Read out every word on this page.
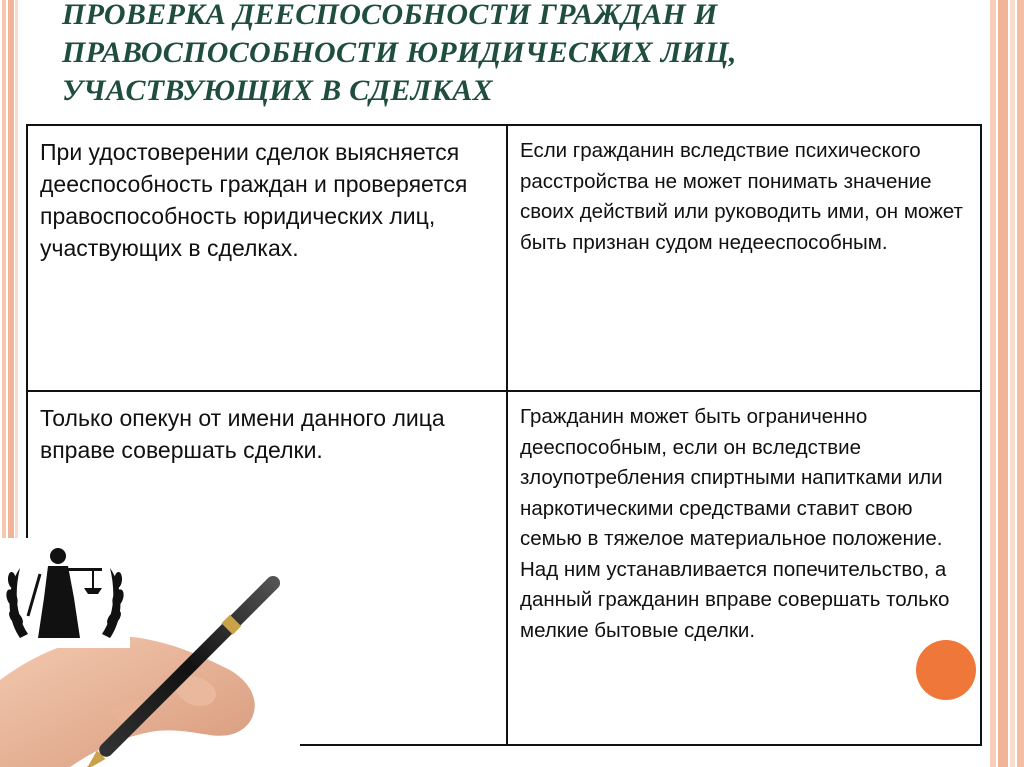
ПРОВЕРКА ДЕЕСПОСОБНОСТИ ГРАЖДАН И ПРАВОСПОСОБНОСТИ ЮРИДИЧЕСКИХ ЛИЦ, УЧАСТВУЮЩИХ В СДЕЛКАХ
При удостоверении сделок выясняется дееспособность граждан и проверяется правоспособность юридических лиц, участвующих в сделках.	Если гражданин вследствие психического расстройства не может понимать значение своих действий или руководить ими, он может быть признан судом недееспособным.
Только опекун от имени данного лица вправе совершать сделки.	Гражданин может быть ограниченно дееспособным, если он вследствие злоупотребления спиртными напитками или наркотическими средствами ставит свою семью в тяжелое материальное положение. Над ним устанавливается попечительство, а данный гражданин вправе совершать только мелкие бытовые сделки.
